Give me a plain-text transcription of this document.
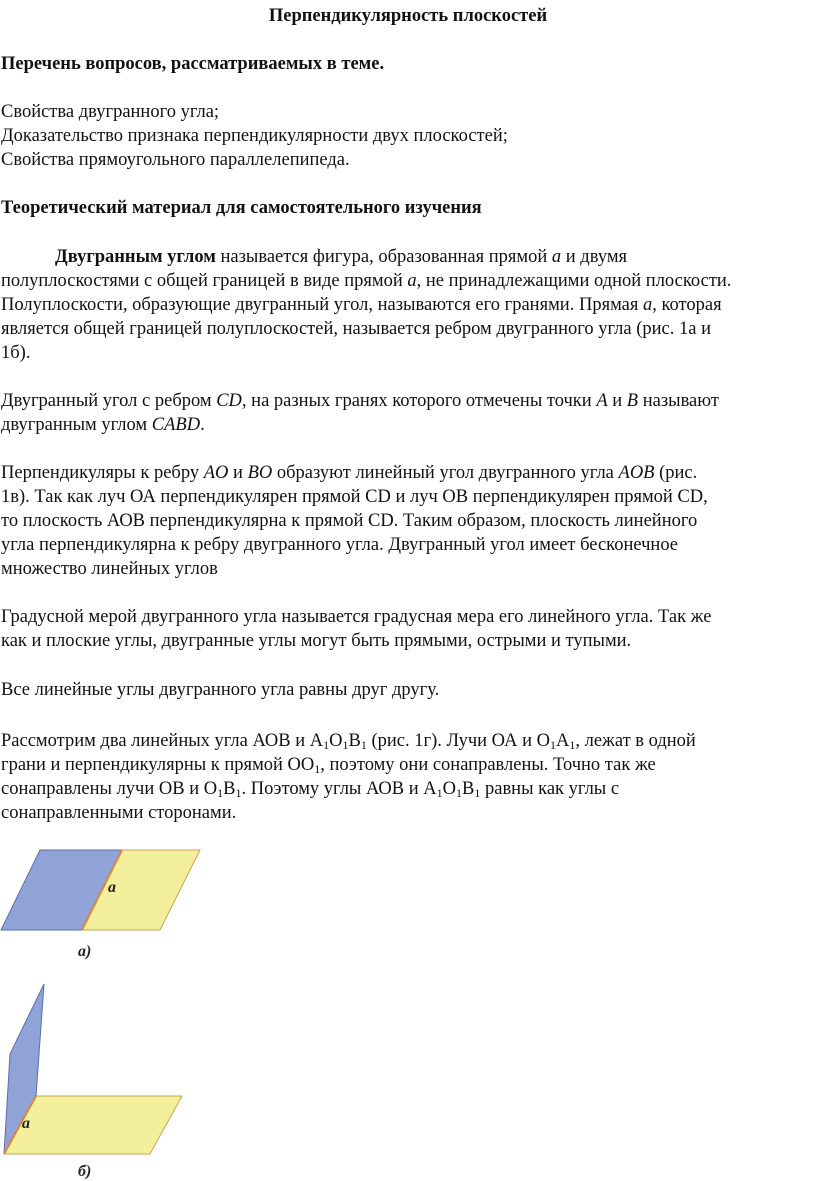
Перпендикулярность плоскостей
Перечень вопросов, рассматриваемых в теме.
Свойства двугранного угла;
Доказательство признака перпендикулярности двух плоскостей;
Свойства прямоугольного параллелепипеда.
Теоретический материал для самостоятельного изучения
Двугранным углом называется фигура, образованная прямой a и двумя
полуплоскостями с общей границей в виде прямой a, не принадлежащими одной плоскости.
Полуплоскости, образующие двугранный угол, называются его гранями. Прямая a, которая
является общей границей полуплоскостей, называется ребром двугранного угла (рис. 1а и
1б).
Двугранный угол с ребром CD, на разных гранях которого отмечены точки A и B называют
двугранным углом CABD.
Перпендикуляры к ребру AO и BO образуют линейный угол двугранного угла AOB (рис.
1в). Так как луч ОА перпендикулярен прямой CD и луч ОВ перпендикулярен прямой CD,
то плоскость АОВ перпендикулярна к прямой CD. Таким образом, плоскость линейного
угла перпендикулярна к ребру двугранного угла. Двугранный угол имеет бесконечное
множество линейных углов
Градусной мерой двугранного угла называется градусная мера его линейного угла. Так же
как и плоские углы, двугранные углы могут быть прямыми, острыми и тупыми.
Все линейные углы двугранного угла равны друг другу.
Рассмотрим два линейных угла АОВ и $А_1О_1В_1$ (рис. 1г). Лучи ОА и $О_1А_1$, лежат в одной
грани и перпендикулярны к прямой $ОО_1$, поэтому они сонаправлены. Точно так же
сонаправлены лучи ОВ и $О_1В_1$. Поэтому углы АОВ и $А_1О_1В_1$ равны как углы с
сонаправленными сторонами.
a
а)
a
б)
